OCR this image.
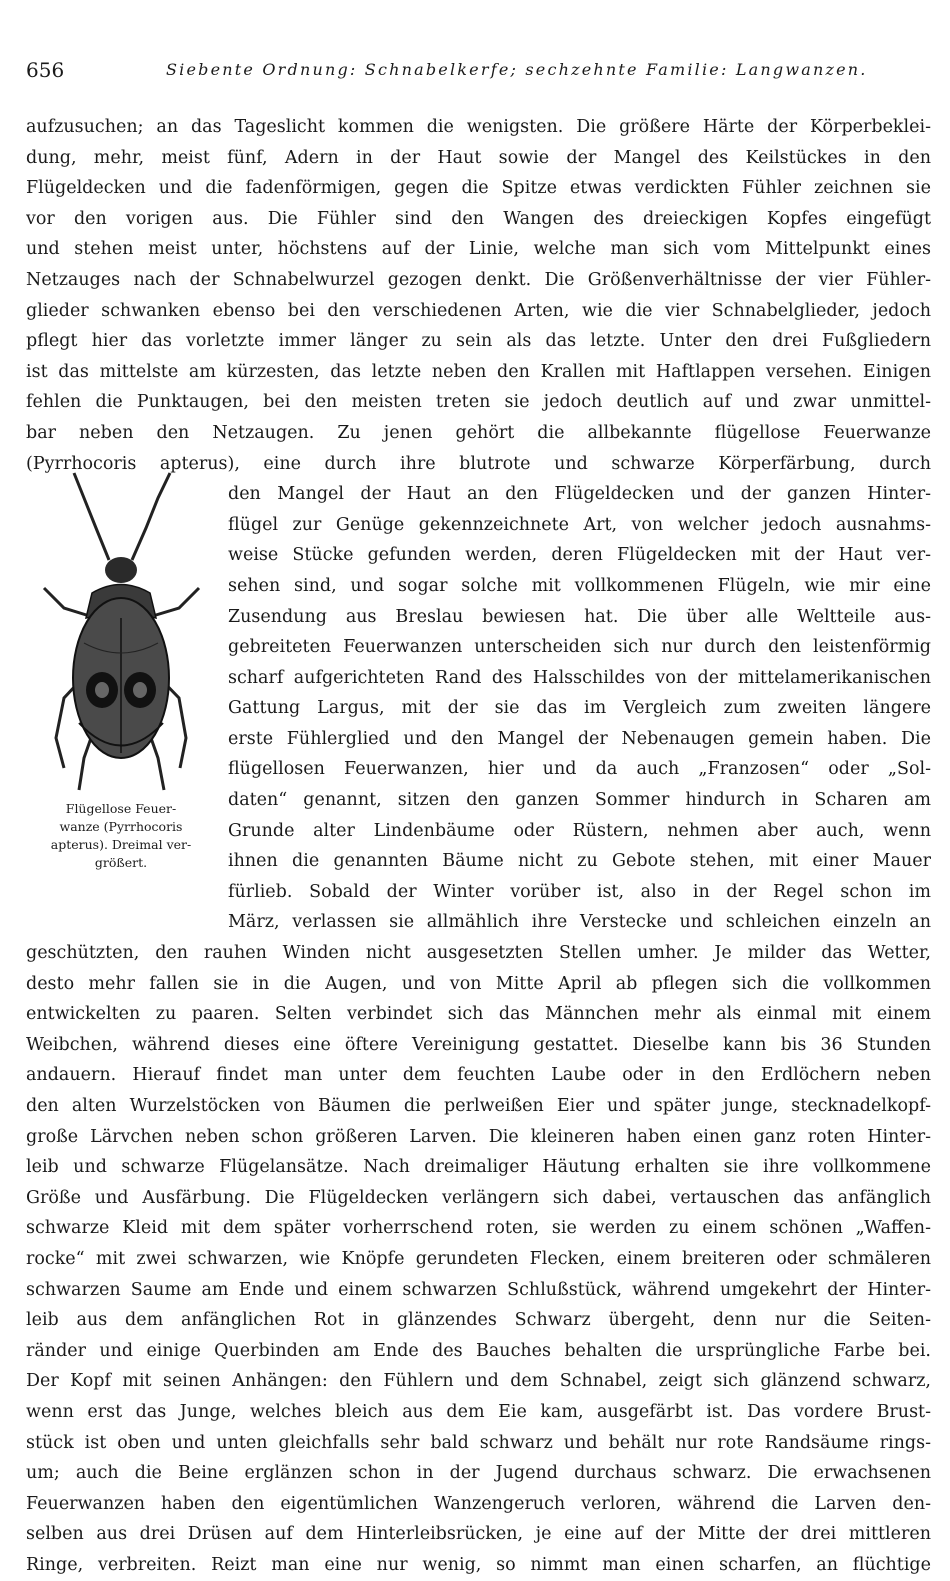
656	Siebente Ordnung: Schnabelkerfe; sechzehnte Familie: Langwanzen.
aufzusuchen; an das Tageslicht kommen die wenigsten. Die größere Härte der Körperbeklei-
dung, mehr, meist fünf, Adern in der Haut sowie der Mangel des Keilstückes in den
Flügeldecken und die fadenförmigen, gegen die Spitze etwas verdickten Fühler zeichnen sie
vor den vorigen aus. Die Fühler sind den Wangen des dreieckigen Kopfes eingefügt
und stehen meist unter, höchstens auf der Linie, welche man sich vom Mittelpunkt eines
Netzauges nach der Schnabelwurzel gezogen denkt. Die Größenverhältnisse der vier Fühler-
glieder schwanken ebenso bei den verschiedenen Arten, wie die vier Schnabelglieder, jedoch
pflegt hier das vorletzte immer länger zu sein als das letzte. Unter den drei Fußgliedern
ist das mittelste am kürzesten, das letzte neben den Krallen mit Haftlappen versehen. Einigen
fehlen die Punktaugen, bei den meisten treten sie jedoch deutlich auf und zwar unmittel-
bar neben den Netzaugen. Zu jenen gehört die allbekannte flügellose Feuerwanze
(Pyrrhocoris apterus), eine durch ihre blutrote und schwarze Körperfärbung, durch
den Mangel der Haut an den Flügeldecken und der ganzen Hinter-
flügel zur Genüge gekennzeichnete Art, von welcher jedoch ausnahms-
weise Stücke gefunden werden, deren Flügeldecken mit der Haut ver-
sehen sind, und sogar solche mit vollkommenen Flügeln, wie mir eine
Zusendung aus Breslau bewiesen hat. Die über alle Weltteile aus-
gebreiteten Feuerwanzen unterscheiden sich nur durch den leistenförmig
scharf aufgerichteten Rand des Halsschildes von der mittelamerikanischen
Gattung Largus, mit der sie das im Vergleich zum zweiten längere
erste Fühlerglied und den Mangel der Nebenaugen gemein haben. Die
flügellosen Feuerwanzen, hier und da auch „Franzosen“ oder „Sol-
daten“ genannt, sitzen den ganzen Sommer hindurch in Scharen am
Grunde alter Lindenbäume oder Rüstern, nehmen aber auch, wenn
ihnen die genannten Bäume nicht zu Gebote stehen, mit einer Mauer
fürlieb. Sobald der Winter vorüber ist, also in der Regel schon im
März, verlassen sie allmählich ihre Verstecke und schleichen einzeln an
geschützten, den rauhen Winden nicht ausgesetzten Stellen umher. Je milder das Wetter,
desto mehr fallen sie in die Augen, und von Mitte April ab pflegen sich die vollkommen
entwickelten zu paaren. Selten verbindet sich das Männchen mehr als einmal mit einem
Weibchen, während dieses eine öftere Vereinigung gestattet. Dieselbe kann bis 36 Stunden
andauern. Hierauf findet man unter dem feuchten Laube oder in den Erdlöchern neben
den alten Wurzelstöcken von Bäumen die perlweißen Eier und später junge, stecknadelkopf-
große Lärvchen neben schon größeren Larven. Die kleineren haben einen ganz roten Hinter-
leib und schwarze Flügelansätze. Nach dreimaliger Häutung erhalten sie ihre vollkommene
Größe und Ausfärbung. Die Flügeldecken verlängern sich dabei, vertauschen das anfänglich
schwarze Kleid mit dem später vorherrschend roten, sie werden zu einem schönen „Waffen-
rocke“ mit zwei schwarzen, wie Knöpfe gerundeten Flecken, einem breiteren oder schmäleren
schwarzen Saume am Ende und einem schwarzen Schlußstück, während umgekehrt der Hinter-
leib aus dem anfänglichen Rot in glänzendes Schwarz übergeht, denn nur die Seiten-
ränder und einige Querbinden am Ende des Bauches behalten die ursprüngliche Farbe bei.
Der Kopf mit seinen Anhängen: den Fühlern und dem Schnabel, zeigt sich glänzend schwarz,
wenn erst das Junge, welches bleich aus dem Eie kam, ausgefärbt ist. Das vordere Brust-
stück ist oben und unten gleichfalls sehr bald schwarz und behält nur rote Randsäume rings-
um; auch die Beine erglänzen schon in der Jugend durchaus schwarz. Die erwachsenen
Feuerwanzen haben den eigentümlichen Wanzengeruch verloren, während die Larven den-
selben aus drei Drüsen auf dem Hinterleibsrücken, je eine auf der Mitte der drei mittleren
Ringe, verbreiten. Reizt man eine nur wenig, so nimmt man einen scharfen, an flüchtige
Flügellose Feuer-
wanze (Pyrrhocoris
apterus). Dreimal ver-
größert.
